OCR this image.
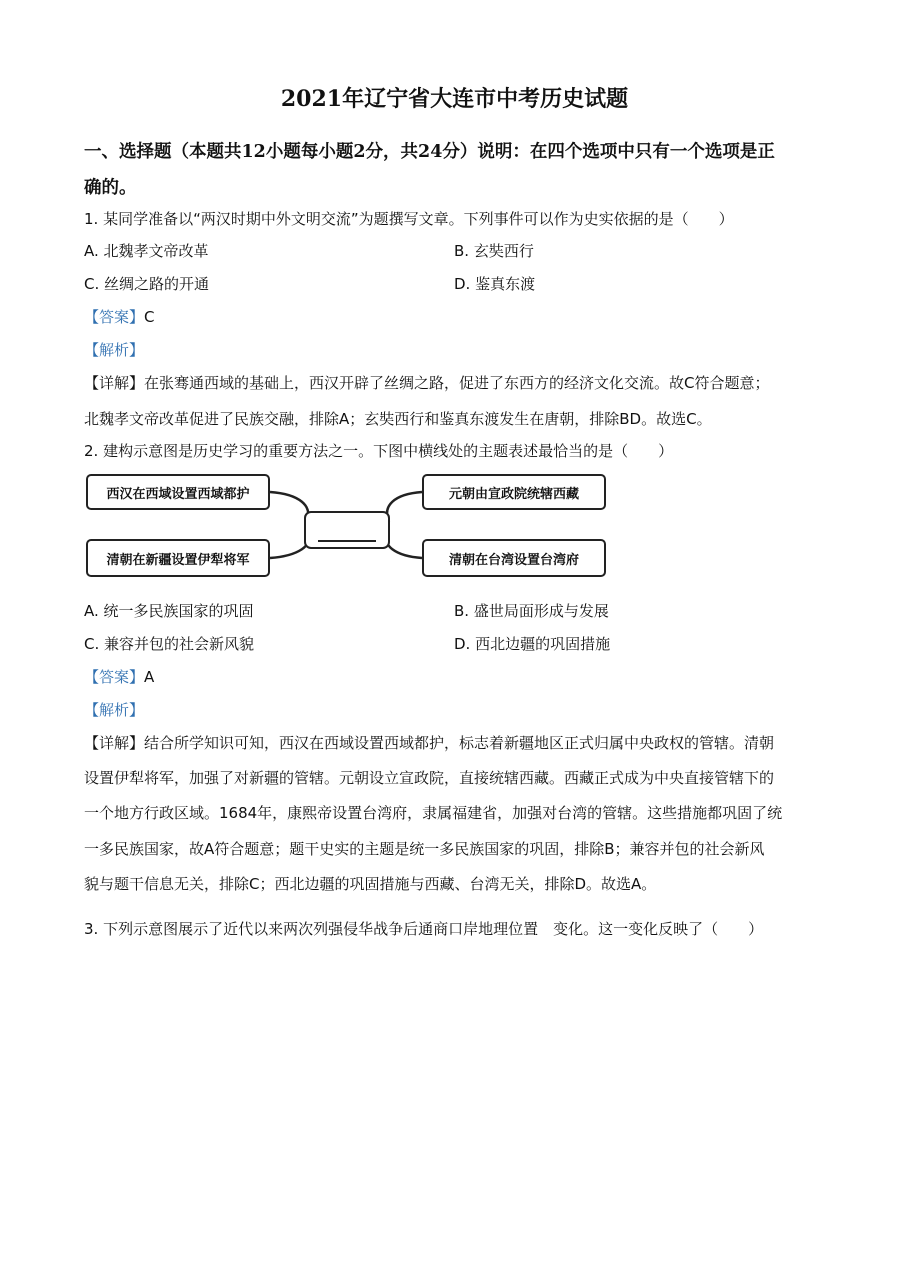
2021年辽宁省大连市中考历史试题
一、选择题（本题共12小题每小题2分，共24分）说明：在四个选项中只有一个选项是正
确的。
1. 某同学准备以“两汉时期中外文明交流”为题撰写文章。下列事件可以作为史实依据的是（　　）
A. 北魏孝文帝改革	B. 玄奘西行
C. 丝绸之路的开通	D. 鉴真东渡
【答案】C
【解析】
【详解】在张骞通西域的基础上，西汉开辟了丝绸之路，促进了东西方的经济文化交流。故C符合题意；
北魏孝文帝改革促进了民族交融，排除A；玄奘西行和鉴真东渡发生在唐朝，排除BD。故选C。
2. 建构示意图是历史学习的重要方法之一。下图中横线处的主题表述最恰当的是（　　）
西汉在西域设置西域都护	元朝由宣政院统辖西藏
清朝在新疆设置伊犁将军	清朝在台湾设置台湾府
A. 统一多民族国家的巩固	B. 盛世局面形成与发展
C. 兼容并包的社会新风貌	D. 西北边疆的巩固措施
【答案】A
【解析】
【详解】结合所学知识可知，西汉在西域设置西域都护，标志着新疆地区正式归属中央政权的管辖。清朝
设置伊犁将军，加强了对新疆的管辖。元朝设立宣政院，直接统辖西藏。西藏正式成为中央直接管辖下的
一个地方行政区域。1684年，康熙帝设置台湾府，隶属福建省，加强对台湾的管辖。这些措施都巩固了统
一多民族国家，故A符合题意；题干史实的主题是统一多民族国家的巩固，排除B；兼容并包的社会新风
貌与题干信息无关，排除C；西北边疆的巩固措施与西藏、台湾无关，排除D。故选A。
3. 下列示意图展示了近代以来两次列强侵华战争后通商口岸地理位置　变化。这一变化反映了（　　）
